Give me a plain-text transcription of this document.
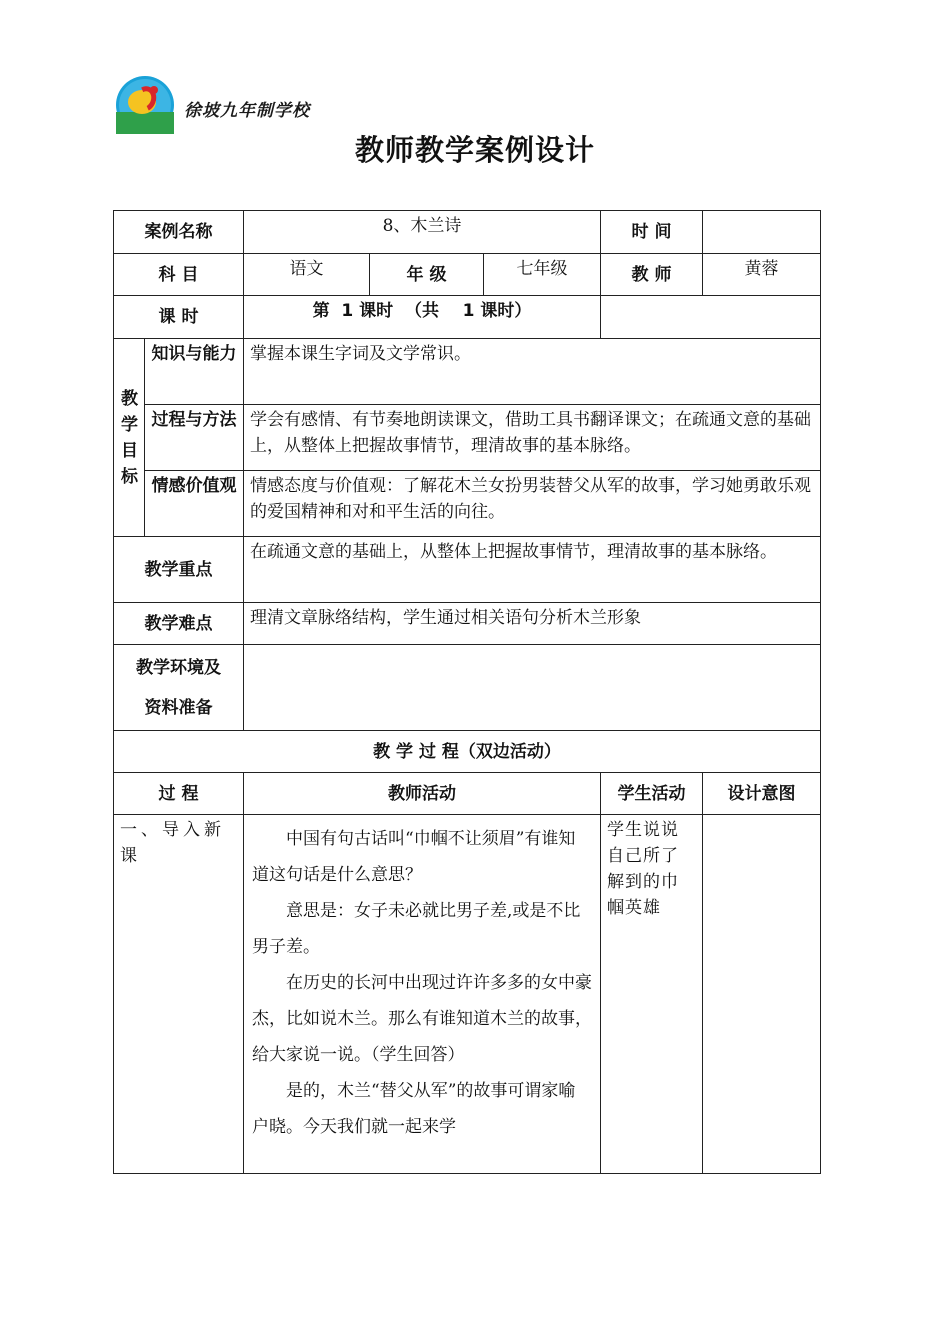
徐坡九年制学校
教师教学案例设计
案例名称		8、木兰诗			时 间	
科 目		语文	年 级	七年级	教 师	黄蓉
课 时		第  1 课时  （共    1 课时）				

教学目标	知识与能力	掌握本课生字词及文学常识。				
	过程与方法	学会有感情、有节奏地朗读课文，借助工具书翻译课文；在疏通文意的基础上，从整体上把握故事情节，理清故事的基本脉络。				
	情感价值观	情感态度与价值观：了解花木兰女扮男装替父从军的故事，学习她勇敢乐观的爱国精神和对和平生活的向往。				
教学重点		在疏通文意的基础上，从整体上把握故事情节，理清故事的基本脉络。				
教学难点		理清文章脉络结构，学生通过相关语句分析木兰形象				

教学环境及
资料准备						

教 学 过 程（双边活动）						
过 程		教师活动			学生活动	设计意图
一、导入新课		中国有句古话叫“巾帼不让须眉”有谁知道这句话是什么意思？

意思是：女子未必就比男子差,或是不比男子差。

在历史的长河中出现过许许多多的女中豪杰，比如说木兰。那么有谁知道木兰的故事，给大家说一说。（学生回答）

是的，木兰“替父从军”的故事可谓家喻户晓。今天我们就一起来学			学生说说自己所了解到的巾帼英雄	
